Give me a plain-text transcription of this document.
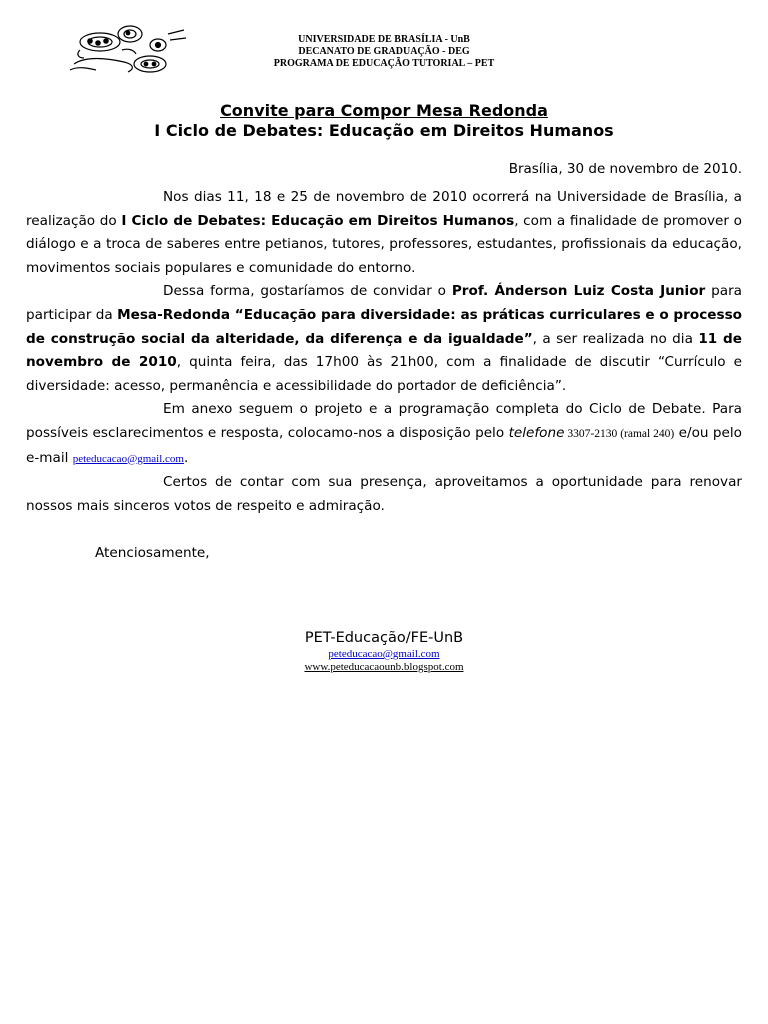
UNIVERSIDADE DE BRASÍLIA - UnB
DECANATO DE GRADUAÇÃO - DEG
PROGRAMA DE EDUCAÇÃO TUTORIAL – PET
Convite para Compor Mesa Redonda
I Ciclo de Debates: Educação em Direitos Humanos
Brasília, 30 de novembro de 2010.

Nos dias 11, 18 e 25 de novembro de 2010 ocorrerá na Universidade de Brasília, a realização do I Ciclo de Debates: Educação em Direitos Humanos, com a finalidade de promover o diálogo e a troca de saberes entre petianos, tutores, professores, estudantes, profissionais da educação, movimentos sociais populares e comunidade do entorno.

Dessa forma, gostaríamos de convidar o Prof. Ánderson Luiz Costa Junior para participar da Mesa-Redonda “Educação para diversidade: as práticas curriculares e o processo de construção social da alteridade, da diferença e da igualdade”, a ser realizada no dia 11 de novembro de 2010, quinta feira, das 17h00 às 21h00, com a finalidade de discutir “Currículo e diversidade: acesso, permanência e acessibilidade do portador de deficiência”.

Em anexo seguem o projeto e a programação completa do Ciclo de Debate. Para possíveis esclarecimentos e resposta, colocamo-nos a disposição pelo telefone 3307-2130 (ramal 240) e/ou pelo e-mail peteducacao@gmail.com.

Certos de contar com sua presença, aproveitamos a oportunidade para renovar nossos mais sinceros votos de respeito e admiração.

Atenciosamente,
PET-Educação/FE-UnB
peteducacao@gmail.com
www.peteducacaounb.blogspot.com
